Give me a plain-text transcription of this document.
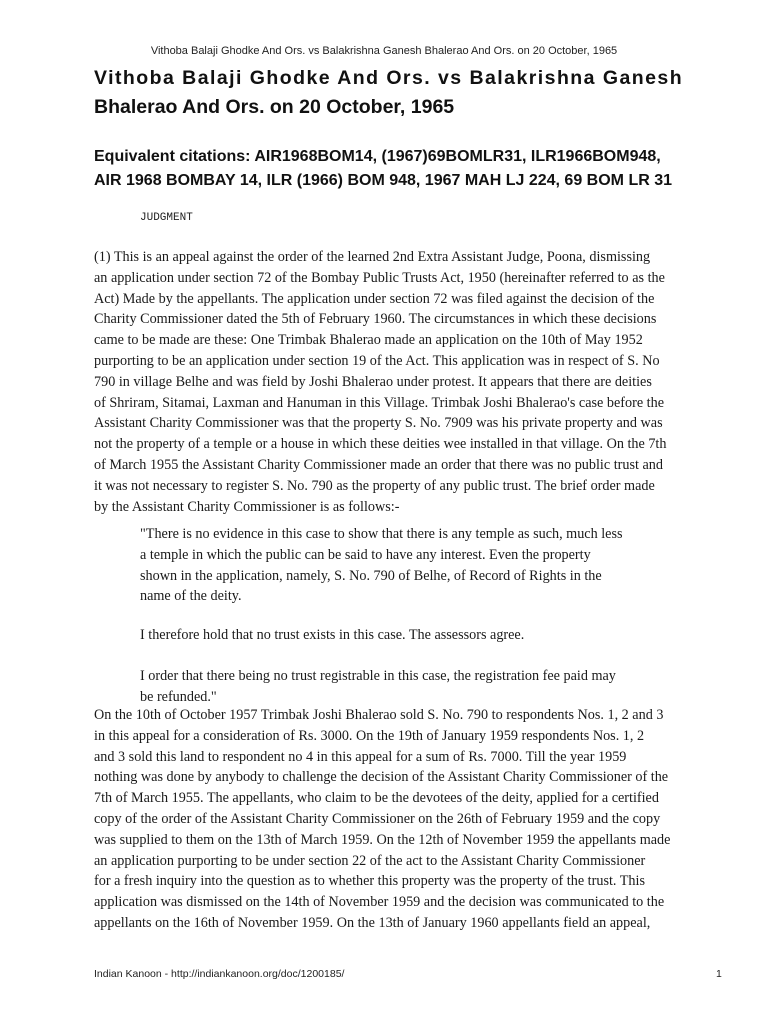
Vithoba Balaji Ghodke And Ors. vs Balakrishna Ganesh Bhalerao And Ors. on 20 October, 1965
Vithoba Balaji Ghodke And Ors. vs Balakrishna Ganesh
Bhalerao And Ors. on 20 October, 1965
Equivalent citations: AIR1968BOM14, (1967)69BOMLR31, ILR1966BOM948,
AIR 1968 BOMBAY 14, ILR (1966) BOM 948, 1967 MAH LJ 224, 69 BOM LR 31
JUDGMENT

(1) This is an appeal against the order of the learned 2nd Extra Assistant Judge, Poona, dismissing
an application under section 72 of the Bombay Public Trusts Act, 1950 (hereinafter referred to as the
Act) Made by the appellants. The application under section 72 was filed against the decision of the
Charity Commissioner dated the 5th of February 1960. The circumstances in which these decisions
came to be made are these: One Trimbak Bhalerao made an application on the 10th of May 1952
purporting to be an application under section 19 of the Act. This application was in respect of S. No
790 in village Belhe and was field by Joshi Bhalerao under protest. It appears that there are deities
of Shriram, Sitamai, Laxman and Hanuman in this Village. Trimbak Joshi Bhalerao's case before the
Assistant Charity Commissioner was that the property S. No. 7909 was his private property and was
not the property of a temple or a house in which these deities wee installed in that village. On the 7th
of March 1955 the Assistant Charity Commissioner made an order that there was no public trust and
it was not necessary to register S. No. 790 as the property of any public trust. The brief order made
by the Assistant Charity Commissioner is as follows:-

"There is no evidence in this case to show that there is any temple as such, much less
a temple in which the public can be said to have any interest. Even the property
shown in the application, namely, S. No. 790 of Belhe, of Record of Rights in the
name of the deity.
I therefore hold that no trust exists in this case. The assessors agree.
I order that there being no trust registrable in this case, the registration fee paid may
be refunded."

On the 10th of October 1957 Trimbak Joshi Bhalerao sold S. No. 790 to respondents Nos. 1, 2 and 3
in this appeal for a consideration of Rs. 3000. On the 19th of January 1959 respondents Nos. 1, 2
and 3 sold this land to respondent no 4 in this appeal for a sum of Rs. 7000. Till the year 1959
nothing was done by anybody to challenge the decision of the Assistant Charity Commissioner of the
7th of March 1955. The appellants, who claim to be the devotees of the deity, applied for a certified
copy of the order of the Assistant Charity Commissioner on the 26th of February 1959 and the copy
was supplied to them on the 13th of March 1959. On the 12th of November 1959 the appellants made
an application purporting to be under section 22 of the act to the Assistant Charity Commissioner
for a fresh inquiry into the question as to whether this property was the property of the trust. This
application was dismissed on the 14th of November 1959 and the decision was communicated to the
appellants on the 16th of November 1959. On the 13th of January 1960 appellants field an appeal,

Indian Kanoon - http://indiankanoon.org/doc/1200185/	1
